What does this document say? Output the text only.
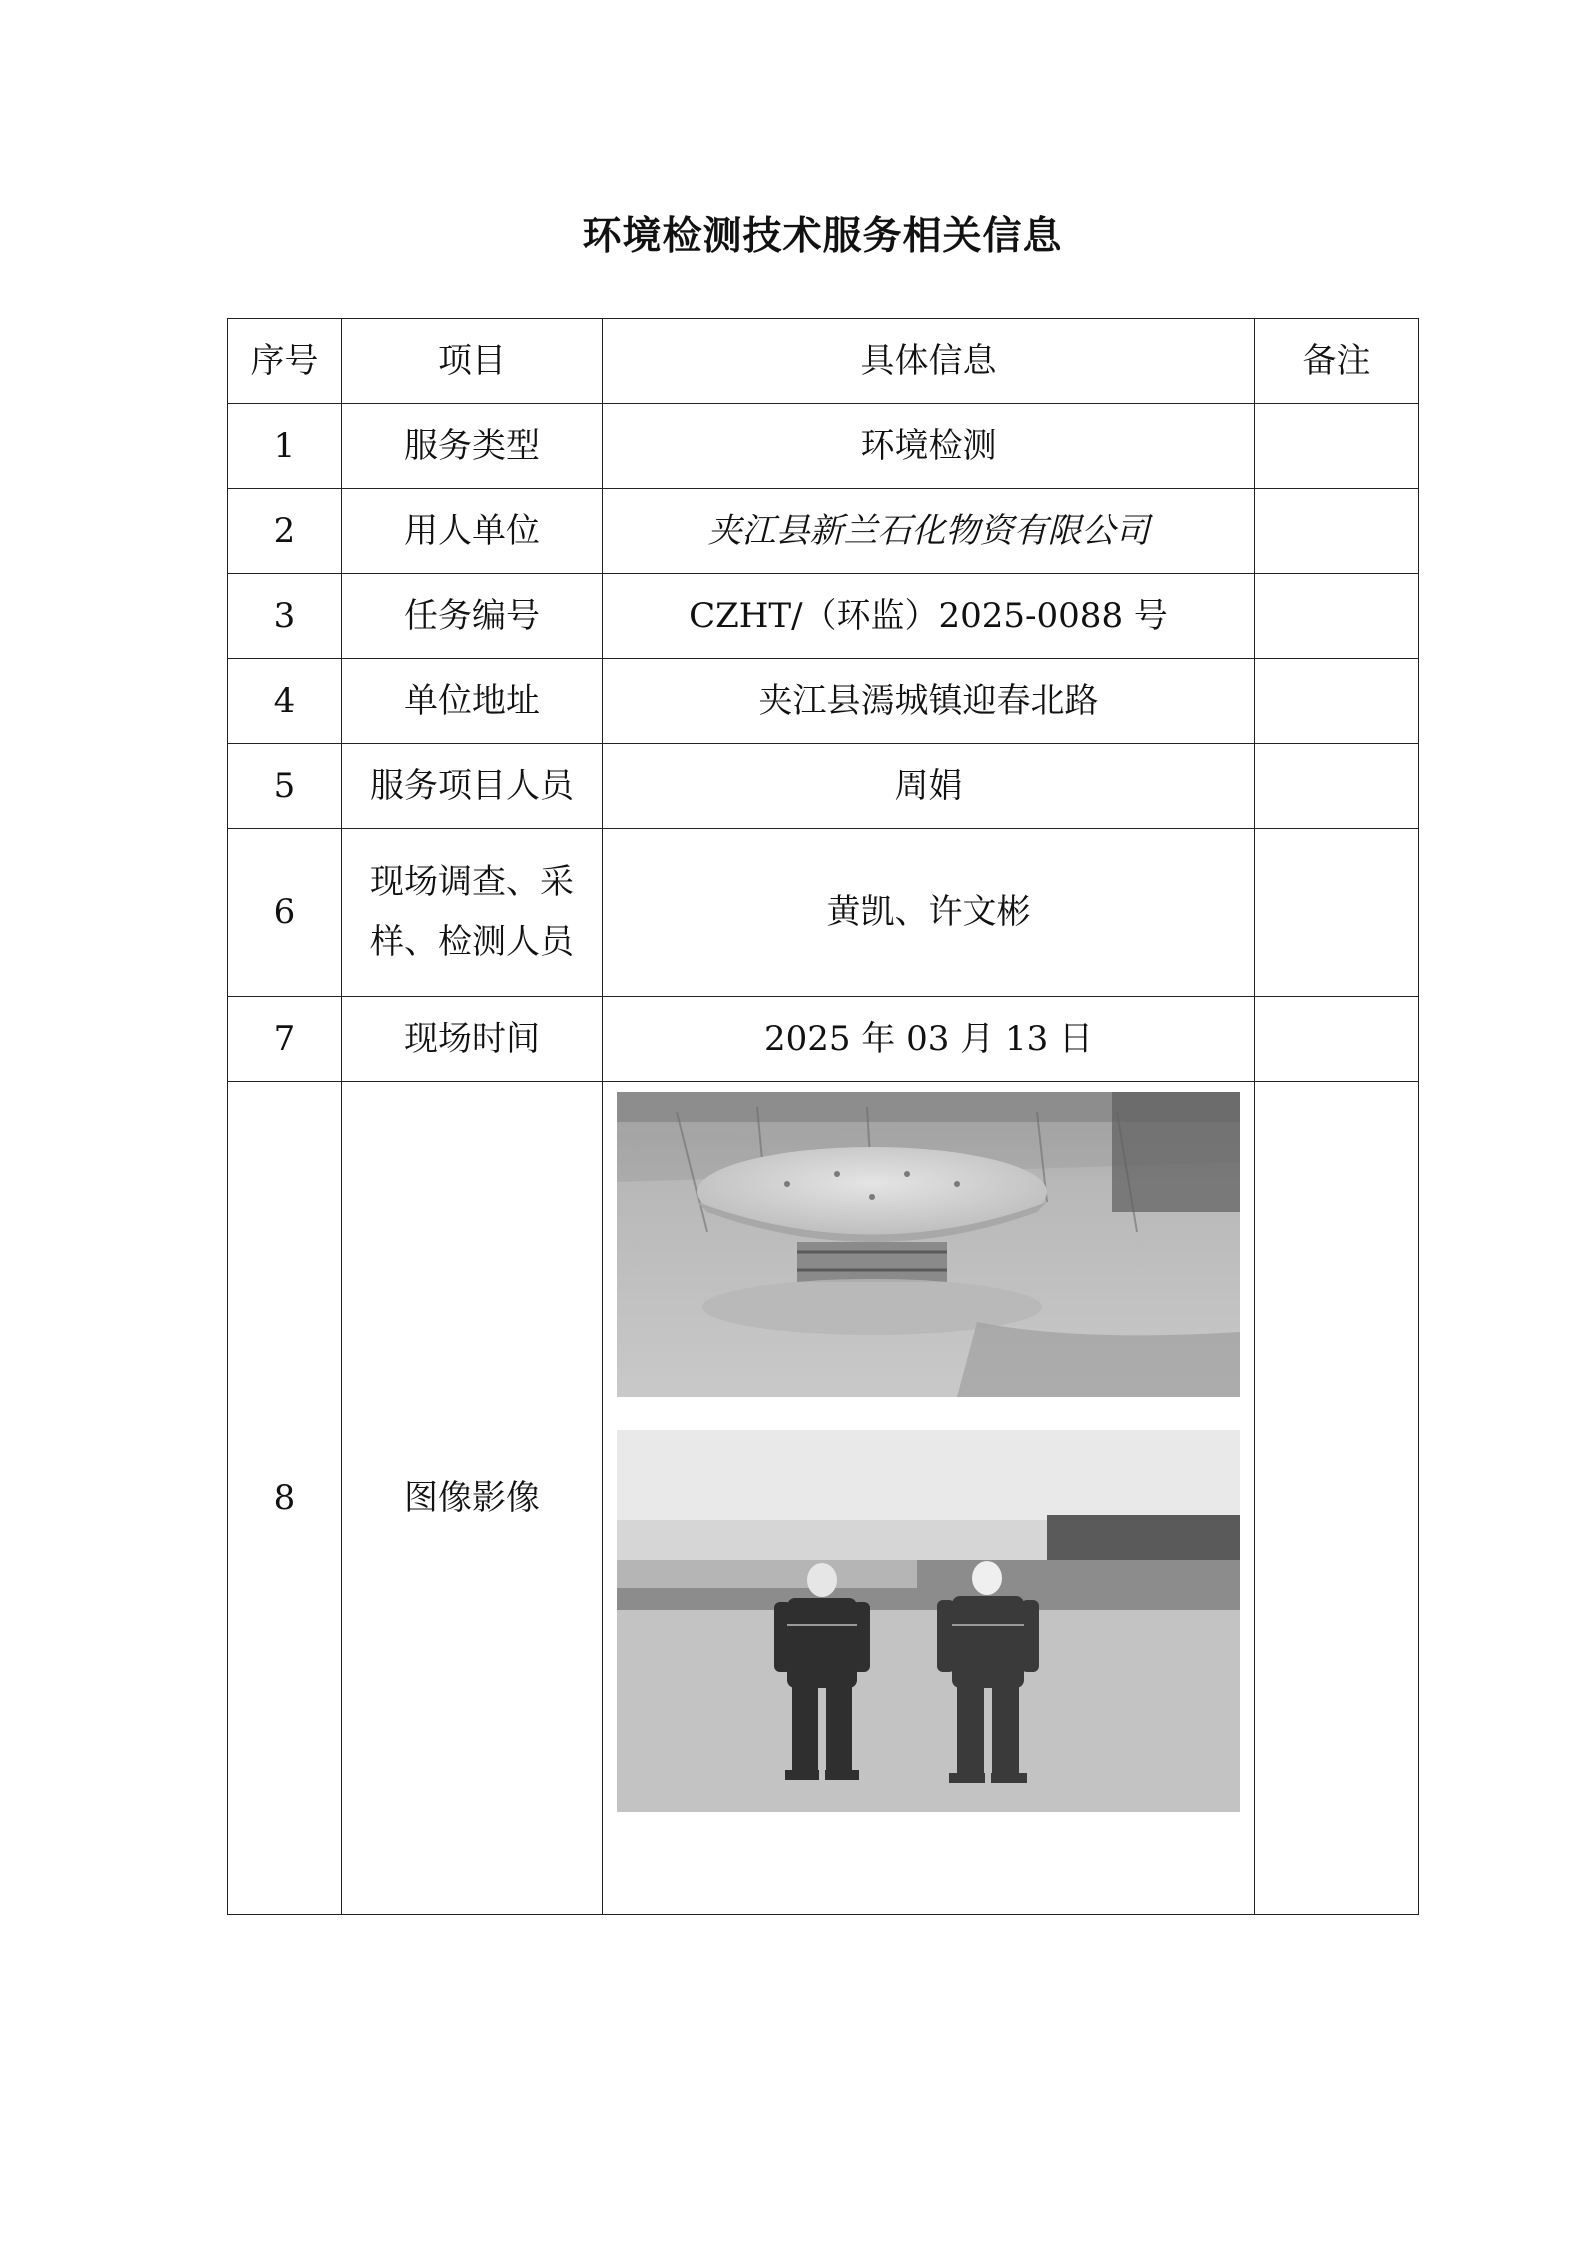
环境检测技术服务相关信息
序号	项目	具体信息	备注
1	服务类型	环境检测	
2	用人单位	夹江县新兰石化物资有限公司	
3	任务编号	CZHT/（环监）2025-0088 号	
4	单位地址	夹江县漹城镇迎春北路	
5	服务项目人员	周娟	
6	现场调查、采样、检测人员	黄凯、许文彬	
7	现场时间	2025 年 03 月 13 日	
8	图像影像	
